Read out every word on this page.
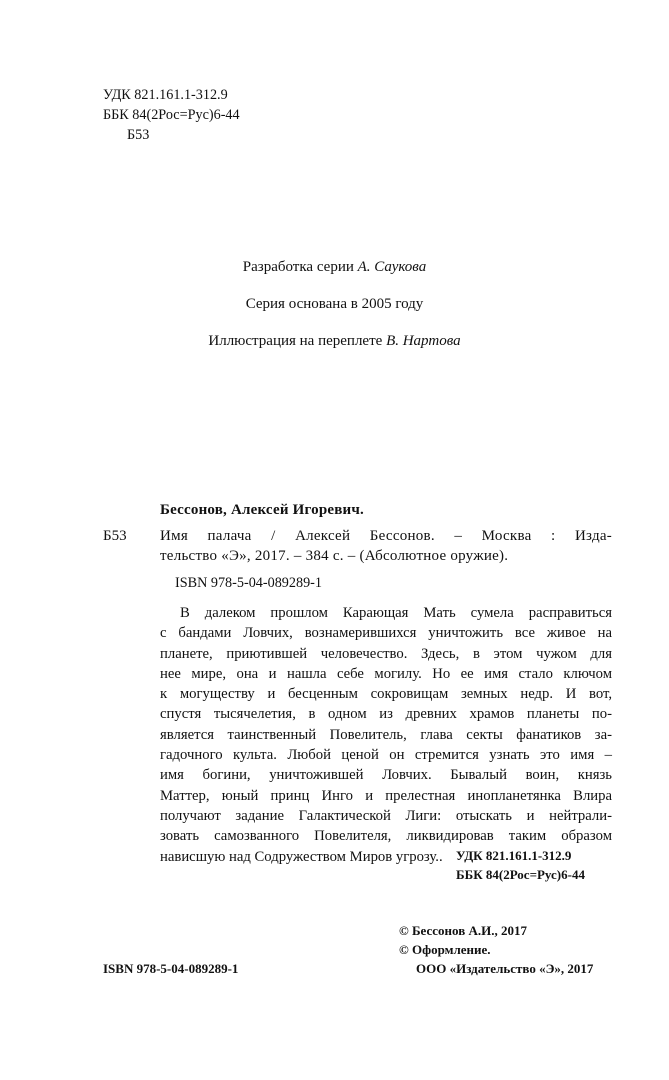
УДК 821.161.1-312.9
ББК 84(2Рос=Рус)6-44
Б53
Разработка серии А. Саукова
Серия основана в 2005 году
Иллюстрация на переплете В. Нартова
Бессонов, Алексей Игоревич.
Б53 Имя палача / Алексей Бессонов. – Москва : Изда-
тельство «Э», 2017. – 384 с. – (Абсолютное оружие).
ISBN 978-5-04-089289-1
В далеком прошлом Карающая Мать сумела расправиться
с бандами Ловчих, вознамерившихся уничтожить все живое на
планете, приютившей человечество. Здесь, в этом чужом для
нее мире, она и нашла себе могилу. Но ее имя стало ключом
к могуществу и бесценным сокровищам земных недр. И вот,
спустя тысячелетия, в одном из древних храмов планеты по-
является таинственный Повелитель, глава секты фанатиков за-
гадочного культа. Любой ценой он стремится узнать это имя –
имя богини, уничтожившей Ловчих. Бывалый воин, князь
Маттер, юный принц Инго и прелестная инопланетянка Влира
получают задание Галактической Лиги: отыскать и нейтрали-
зовать самозванного Повелителя, ликвидировав таким образом
нависшую над Содружеством Миров угрозу..	УДК 821.161.1-312.9
ББК 84(2Рос=Рус)6-44
© Бессонов А.И., 2017
© Оформление.
ООО «Издательство «Э», 2017
ISBN 978-5-04-089289-1
